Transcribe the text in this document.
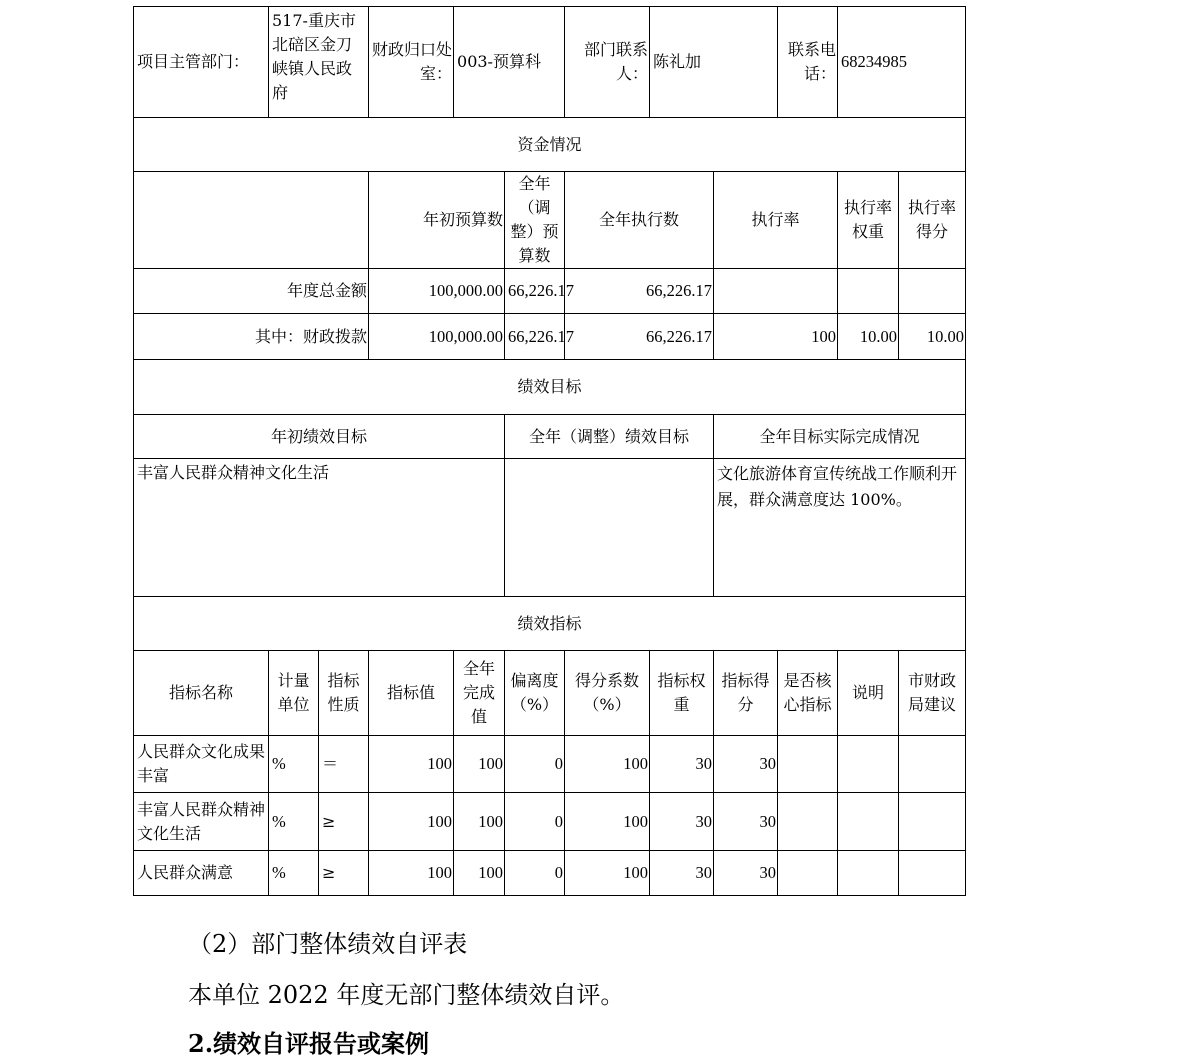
项目主管部门：	517-重庆市北碚区金刀峡镇人民政府		财政归口处室：	003-预算科		部门联系人：	陈礼加		联系电话：	68234985	
资金情况											
			年初预算数		全年（调整）预算数	全年执行数		执行率		执行率权重	执行率得分
年度总金额			100,000.00		66,226.17	66,226.17					
其中：财政拨款			100,000.00		66,226.17	66,226.17		100		10.00	10.00
绩效目标											
年初绩效目标					全年（调整）绩效目标			全年目标实际完成情况			
丰富人民群众精神文化生活								文化旅游体育宣传统战工作顺利开展，群众满意度达 100%。			
绩效指标											
指标名称	计量单位	指标性质	指标值	全年完成值	偏离度（%）	得分系数（%）	指标权重	指标得分	是否核心指标	说明	市财政局建议
人民群众文化成果丰富	%	＝	100	100	0	100	30	30			
丰富人民群众精神文化生活	%	≥	100	100	0	100	30	30			
人民群众满意	%	≥	100	100	0	100	30	30			
（2）部门整体绩效自评表
本单位 2022 年度无部门整体绩效自评。
2.绩效自评报告或案例
